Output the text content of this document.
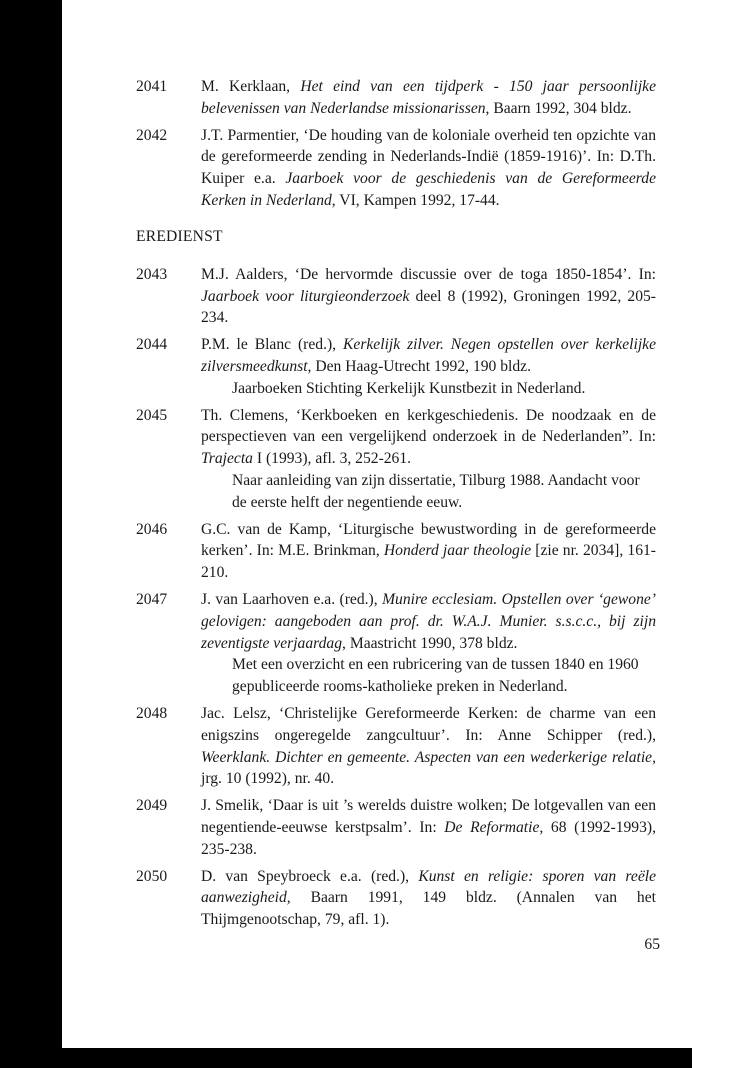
2041	M. Kerklaan, Het eind van een tijdperk - 150 jaar persoonlijke belevenissen van Nederlandse missionarissen, Baarn 1992, 304 bldz.
2042	J.T. Parmentier, ‘De houding van de koloniale overheid ten opzichte van de gereformeerde zending in Nederlands-Indië (1859-1916)’. In: D.Th. Kuiper e.a. Jaarboek voor de geschiedenis van de Gereformeerde Kerken in Nederland, VI, Kampen 1992, 17-44.
EREDIENST
2043	M.J. Aalders, ‘De hervormde discussie over de toga 1850-1854’. In: Jaarboek voor liturgieonderzoek deel 8 (1992), Groningen 1992, 205-234.
2044	P.M. le Blanc (red.), Kerkelijk zilver. Negen opstellen over kerkelijke zilversmeedkunst, Den Haag-Utrecht 1992, 190 bldz.
Jaarboeken Stichting Kerkelijk Kunstbezit in Nederland.
2045	Th. Clemens, ‘Kerkboeken en kerkgeschiedenis. De noodzaak en de perspectieven van een vergelijkend onderzoek in de Nederlanden”. In: Trajecta I (1993), afl. 3, 252-261.
Naar aanleiding van zijn dissertatie, Tilburg 1988. Aandacht voor de eerste helft der negentiende eeuw.
2046	G.C. van de Kamp, ‘Liturgische bewustwording in de gereformeerde kerken’. In: M.E. Brinkman, Honderd jaar theologie [zie nr. 2034], 161-210.
2047	J. van Laarhoven e.a. (red.), Munire ecclesiam. Opstellen over ‘gewone’ gelovigen: aangeboden aan prof. dr. W.A.J. Munier. s.s.c.c., bij zijn zeventigste verjaardag, Maastricht 1990, 378 bldz.
Met een overzicht en een rubricering van de tussen 1840 en 1960 gepubliceerde rooms-katholieke preken in Nederland.
2048	Jac. Lelsz, ‘Christelijke Gereformeerde Kerken: de charme van een enigszins ongeregelde zangcultuur’. In: Anne Schipper (red.), Weerklank. Dichter en gemeente. Aspecten van een wederkerige relatie, jrg. 10 (1992), nr. 40.
2049	J. Smelik, ‘Daar is uit ’s werelds duistre wolken; De lotgevallen van een negentiende-eeuwse kerstpsalm’. In: De Reformatie, 68 (1992-1993), 235-238.
2050	D. van Speybroeck e.a. (red.), Kunst en religie: sporen van reële aanwezigheid, Baarn 1991, 149 bldz. (Annalen van het Thijmgenootschap, 79, afl. 1).
65
